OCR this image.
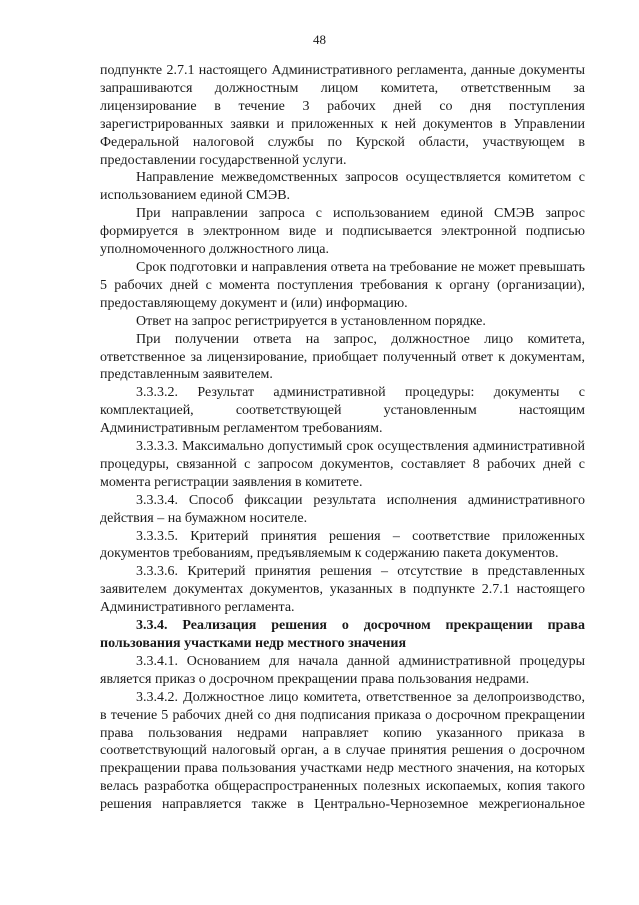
48

подпункте 2.7.1 настоящего Административного регламента, данные документы запрашиваются должностным лицом комитета, ответственным за лицензирование в течение 3 рабочих дней со дня поступления зарегистрированных заявки и приложенных к ней документов в Управлении Федеральной налоговой службы по Курской области, участвующем в предоставлении государственной услуги.

Направление межведомственных запросов осуществляется комитетом с использованием единой СМЭВ.

При направлении запроса с использованием единой СМЭВ запрос формируется в электронном виде и подписывается электронной подписью уполномоченного должностного лица.

Срок подготовки и направления ответа на требование не может превышать 5 рабочих дней с момента поступления требования к органу (организации), предоставляющему документ и (или) информацию.

Ответ на запрос регистрируется в установленном порядке.

При получении ответа на запрос, должностное лицо комитета, ответственное за лицензирование, приобщает полученный ответ к документам, представленным заявителем.

3.3.3.2. Результат административной процедуры: документы с комплектацией, соответствующей установленным настоящим Административным регламентом требованиям.

3.3.3.3. Максимально допустимый срок осуществления административной процедуры, связанной с запросом документов, составляет 8 рабочих дней с момента регистрации заявления в комитете.

3.3.3.4. Способ фиксации результата исполнения административного действия – на бумажном носителе.

3.3.3.5. Критерий принятия решения – соответствие приложенных документов требованиям, предъявляемым к содержанию пакета документов.

3.3.3.6. Критерий принятия решения – отсутствие в представленных заявителем документах документов, указанных в подпункте 2.7.1 настоящего Административного регламента.

3.3.4. Реализация решения о досрочном прекращении права пользования участками недр местного значения

3.3.4.1. Основанием для начала данной административной процедуры является приказ о досрочном прекращении права пользования недрами.

3.3.4.2. Должностное лицо комитета, ответственное за делопроизводство, в течение 5 рабочих дней со дня подписания приказа о досрочном прекращении права пользования недрами направляет копию указанного приказа в соответствующий налоговый орган, а в случае принятия решения о досрочном прекращении права пользования участками недр местного значения, на которых велась разработка общераспространенных полезных ископаемых, копия такого решения направляется также в Центрально-Черноземное межрегиональное
